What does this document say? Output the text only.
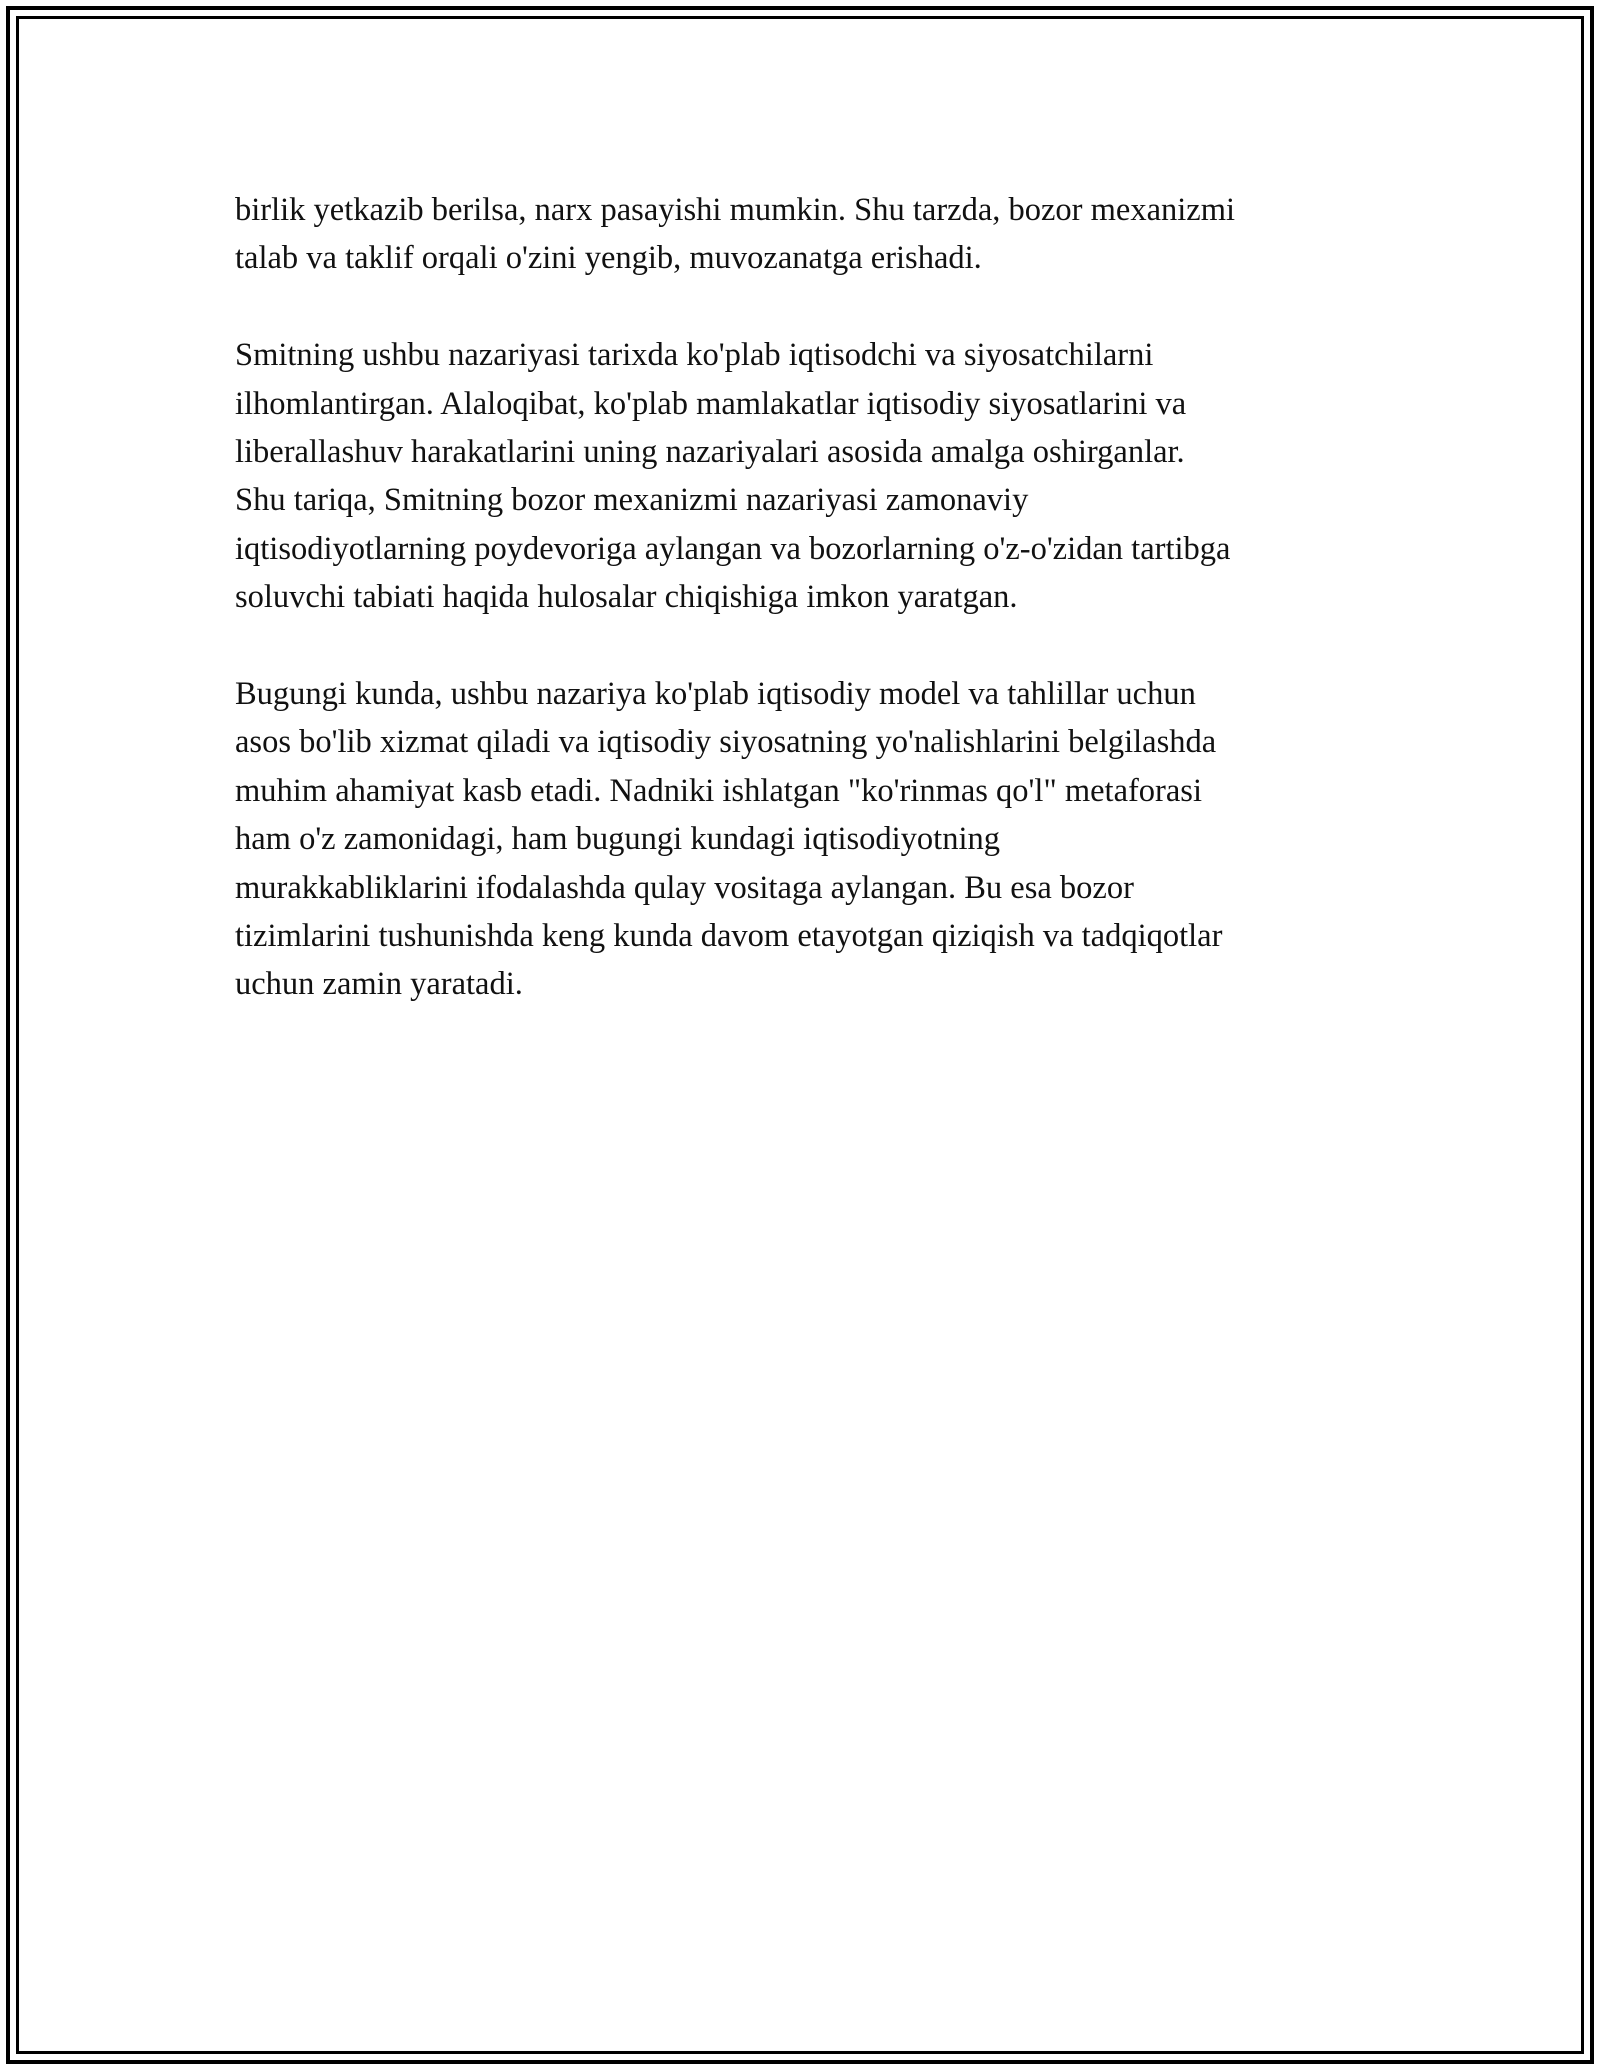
birlik yetkazib berilsa, narx pasayishi mumkin. Shu tarzda, bozor mexanizmi
talab va taklif orqali o'zini yengib, muvozanatga erishadi.

Smitning ushbu nazariyasi tarixda ko'plab iqtisodchi va siyosatchilarni
ilhomlantirgan. Alaloqibat, ko'plab mamlakatlar iqtisodiy siyosatlarini va
liberallashuv harakatlarini uning nazariyalari asosida amalga oshirganlar.
Shu tariqa, Smitning bozor mexanizmi nazariyasi zamonaviy
iqtisodiyotlarning poydevoriga aylangan va bozorlarning o'z-o'zidan tartibga
soluvchi tabiati haqida hulosalar chiqishiga imkon yaratgan.

Bugungi kunda, ushbu nazariya ko'plab iqtisodiy model va tahlillar uchun
asos bo'lib xizmat qiladi va iqtisodiy siyosatning yo'nalishlarini belgilashda
muhim ahamiyat kasb etadi. Nadniki ishlatgan "ko'rinmas qo'l" metaforasi
ham o'z zamonidagi, ham bugungi kundagi iqtisodiyotning
murakkabliklarini ifodalashda qulay vositaga aylangan. Bu esa bozor
tizimlarini tushunishda keng kunda davom etayotgan qiziqish va tadqiqotlar
uchun zamin yaratadi.
